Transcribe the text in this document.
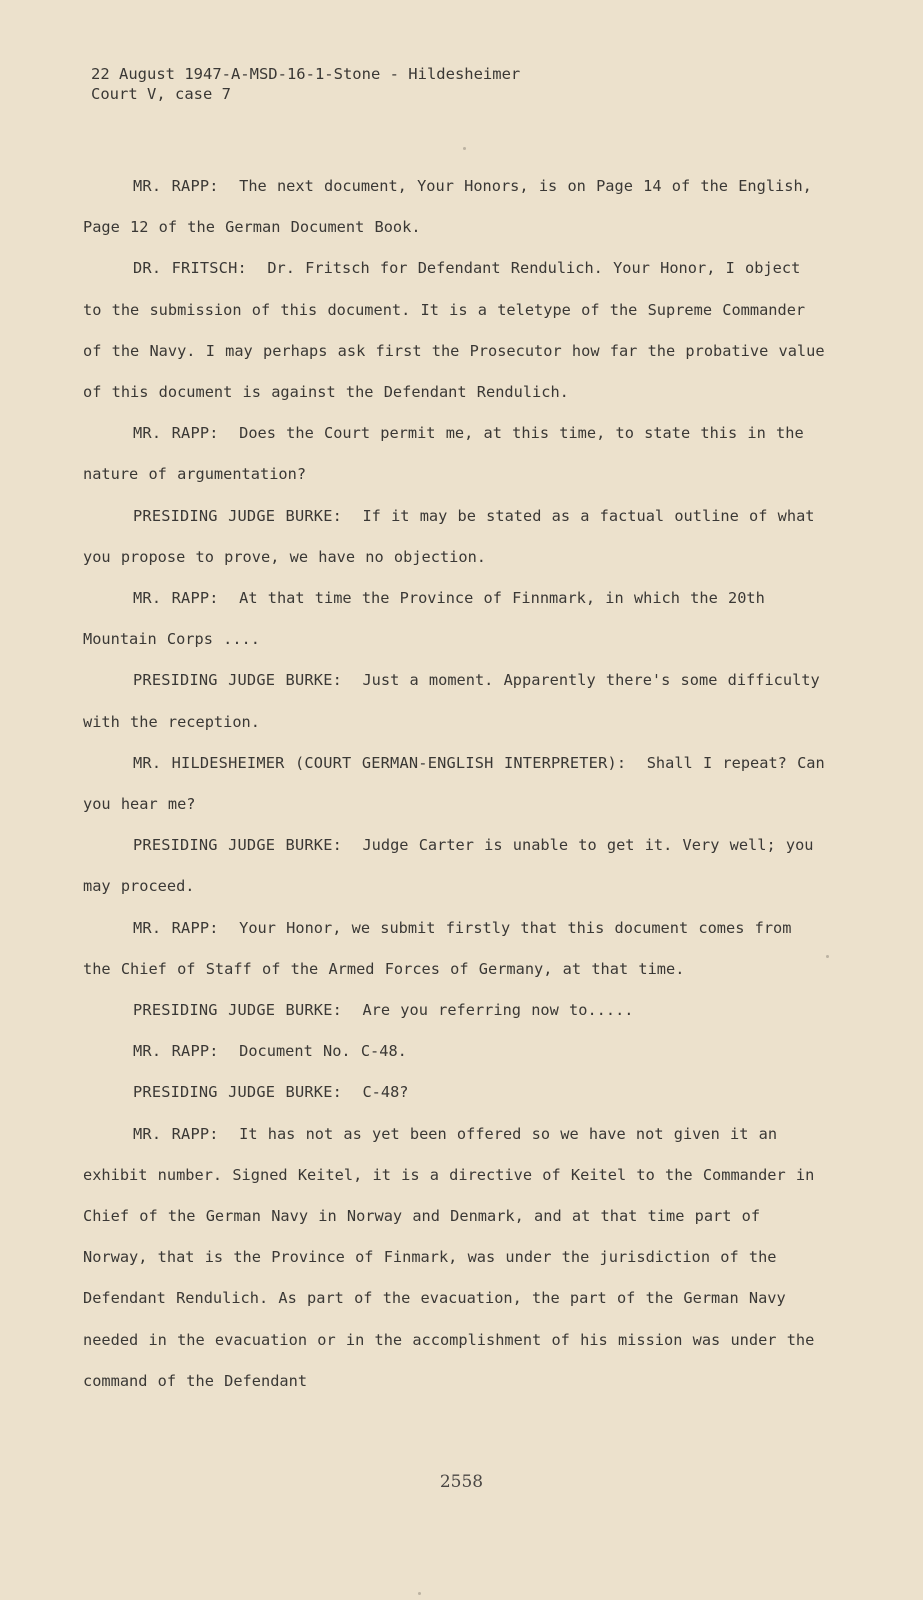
22 August 1947-A-MSD-16-1-Stone - Hildesheimer
Court V, case 7

MR. RAPP: The next document, Your Honors, is on Page 14 of the English, Page 12 of the German Document Book.

DR. FRITSCH: Dr. Fritsch for Defendant Rendulich. Your Honor, I object to the submission of this document. It is a teletype of the Supreme Commander of the Navy. I may perhaps ask first the Prosecutor how far the probative value of this document is against the Defendant Rendulich.

MR. RAPP: Does the Court permit me, at this time, to state this in the nature of argumentation?

PRESIDING JUDGE BURKE: If it may be stated as a factual outline of what you propose to prove, we have no objection.

MR. RAPP: At that time the Province of Finnmark, in which the 20th Mountain Corps ....

PRESIDING JUDGE BURKE: Just a moment. Apparently there's some difficulty with the reception.

MR. HILDESHEIMER (COURT GERMAN-ENGLISH INTERPRETER): Shall I repeat? Can you hear me?

PRESIDING JUDGE BURKE: Judge Carter is unable to get it. Very well; you may proceed.

MR. RAPP: Your Honor, we submit firstly that this document comes from the Chief of Staff of the Armed Forces of Germany, at that time.

PRESIDING JUDGE BURKE: Are you referring now to.....

MR. RAPP: Document No. C-48.

PRESIDING JUDGE BURKE: C-48?

MR. RAPP: It has not as yet been offered so we have not given it an exhibit number. Signed Keitel, it is a directive of Keitel to the Commander in Chief of the German Navy in Norway and Denmark, and at that time part of Norway, that is the Province of Finmark, was under the jurisdiction of the Defendant Rendulich. As part of the evacuation, the part of the German Navy needed in the evacuation or in the accomplishment of his mission was under the command of the Defendant

2558
